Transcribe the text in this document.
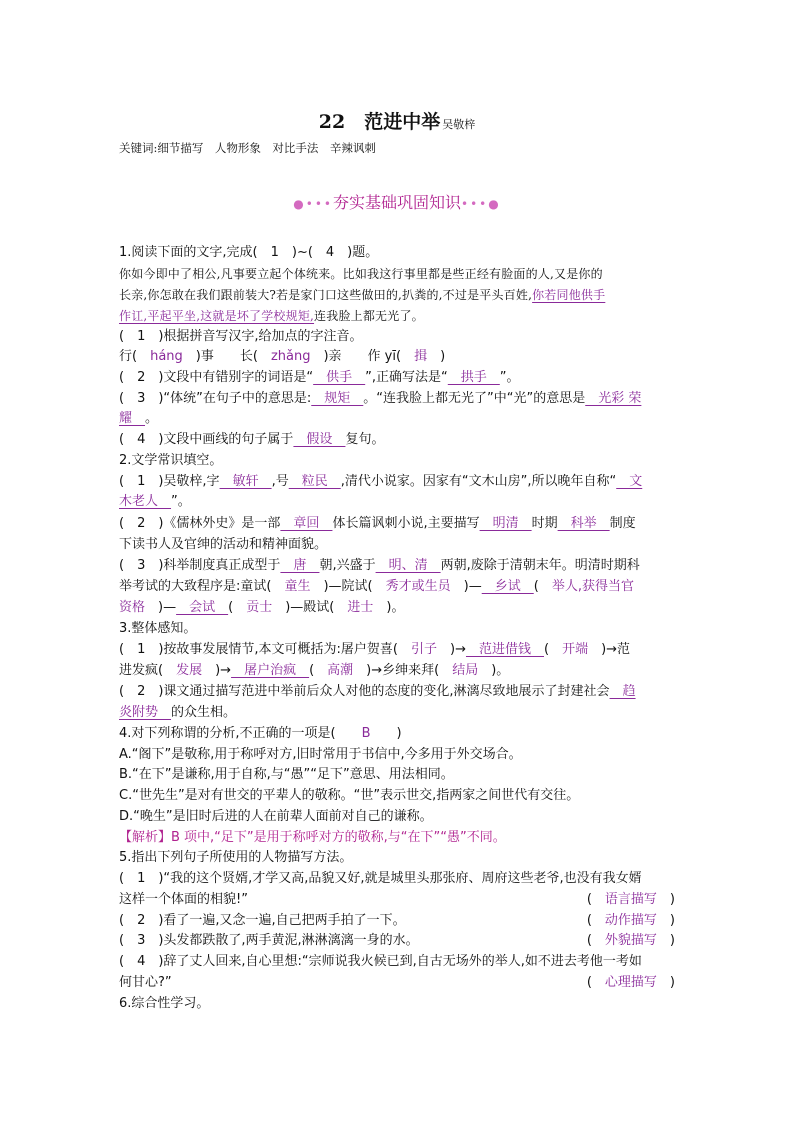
22　范进中举 吴敬梓
关键词:细节描写　人物形象　对比手法　辛辣讽刺
●•••夯实基础巩固知识•••●

1.阅读下面的文字,完成(　1　)~(　4　)题。

你如今即中了相公,凡事要立起个体统来。比如我这行事里都是些正经有脸面的人,又是你的

长亲,你怎敢在我们跟前装大?若是家门口这些做田的,扒粪的,不过是平头百姓,你若同他供手

作讧,平起平坐,这就是坏了学校规矩,连我脸上都无光了。

(　1　)根据拼音写汉字,给加点的字注音。

行(　háng　)事　　长(　zhǎng　)亲　　作 yī(　揖　)

(　2　)文段中有错别字的词语是“　供手　”,正确写法是“　拱手　”。

(　3　)“体统”在句子中的意思是:　规矩　。“连我脸上都无光了”中“光”的意思是　光彩 荣

耀　。

(　4　)文段中画线的句子属于　假设　复句。

2.文学常识填空。

(　1　)吴敬梓,字　敏轩　,号　粒民　,清代小说家。因家有“文木山房”,所以晚年自称“　文

木老人　”。

(　2　)《儒林外史》是一部　章回　体长篇讽刺小说,主要描写　明清　时期　科举　制度

下读书人及官绅的活动和精神面貌。

(　3　)科举制度真正成型于　唐　朝,兴盛于　明、清　两朝,废除于清朝末年。明清时期科

举考试的大致程序是:童试(　童生　)—院试(　秀才或生员　)—　乡试　(　举人,获得当官

资格　)—　会试　(　贡士　)—殿试(　进士　)。

3.整体感知。

(　1　)按故事发展情节,本文可概括为:屠户贺喜(　引子　)→　范进借钱　(　开端　)→范

进发疯(　发展　)→　屠户治疯　(　高潮　)→乡绅来拜(　结局　)。

(　2　)课文通过描写范进中举前后众人对他的态度的变化,淋漓尽致地展示了封建社会　趋

炎附势　的众生相。

4.对下列称谓的分析,不正确的一项是(　　B　　)

A.“阁下”是敬称,用于称呼对方,旧时常用于书信中,今多用于外交场合。

B.“在下”是谦称,用于自称,与“愚”“足下”意思、用法相同。

C.“世先生”是对有世交的平辈人的敬称。“世”表示世交,指两家之间世代有交往。

D.“晚生”是旧时后进的人在前辈人面前对自己的谦称。

【解析】B 项中,“足下”是用于称呼对方的敬称,与“在下”“愚”不同。

5.指出下列句子所使用的人物描写方法。

(　1　)“我的这个贤婿,才学又高,品貌又好,就是城里头那张府、周府这些老爷,也没有我女婿

这样一个体面的相貌!”	(　语言描写　)

(　2　)看了一遍,又念一遍,自己把两手拍了一下。	(　动作描写　)

(　3　)头发都跌散了,两手黄泥,淋淋漓漓一身的水。	(　外貌描写　)

(　4　)辞了丈人回来,自心里想:“宗师说我火候已到,自古无场外的举人,如不进去考他一考如

何甘心?”	(　心理描写　)

6.综合性学习。
